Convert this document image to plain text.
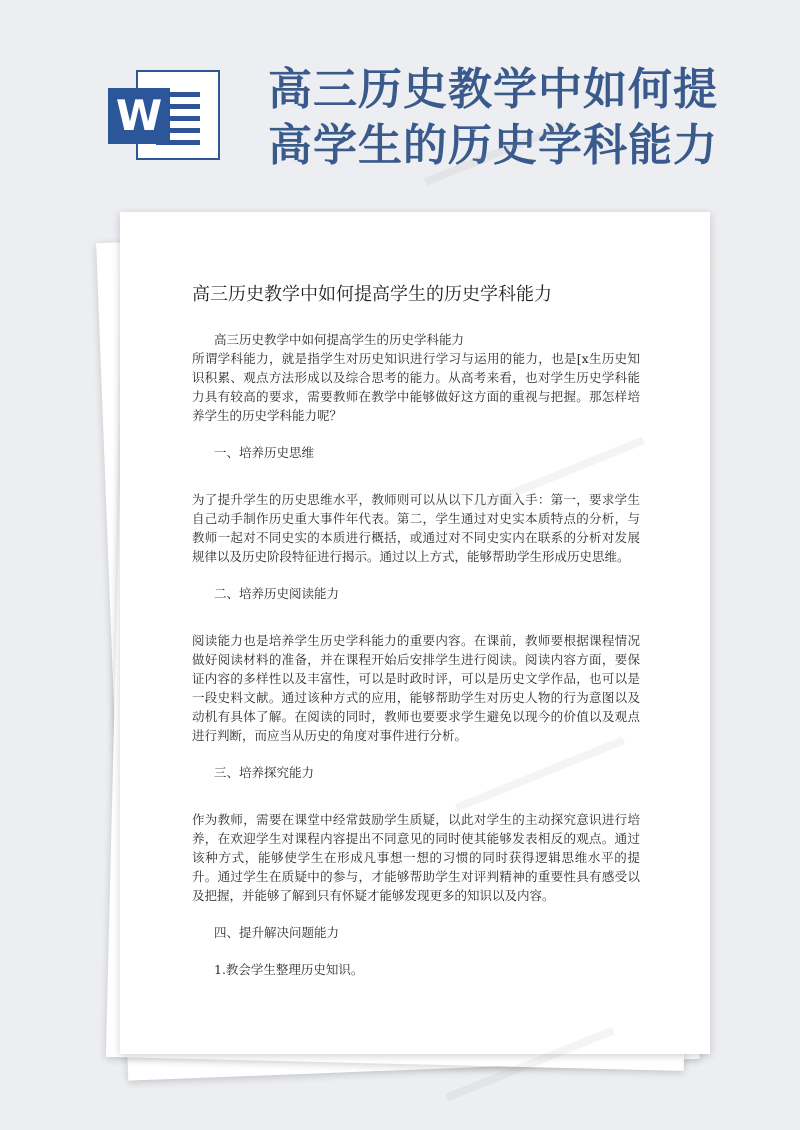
W
高三历史教学中如何提高学生的历史学科能力
高三历史教学中如何提高学生的历史学科能力

高三历史教学中如何提高学生的历史学科能力

所谓学科能力，就是指学生对历史知识进行学习与运用的能力，也是[x生历史知识积累、观点方法形成以及综合思考的能力。从高考来看，也对学生历史学科能力具有较高的要求，需要教师在教学中能够做好这方面的重视与把握。那怎样培养学生的历史学科能力呢？

一、培养历史思维

为了提升学生的历史思维水平，教师则可以从以下几方面入手：第一，要求学生自己动手制作历史重大事件年代表。第二，学生通过对史实本质特点的分析，与教师一起对不同史实的本质进行概括，或通过对不同史实内在联系的分析对发展规律以及历史阶段特征进行揭示。通过以上方式，能够帮助学生形成历史思维。

二、培养历史阅读能力

阅读能力也是培养学生历史学科能力的重要内容。在课前，教师要根据课程情况做好阅读材料的准备，并在课程开始后安排学生进行阅读。阅读内容方面，要保证内容的多样性以及丰富性，可以是时政时评，可以是历史文学作品，也可以是一段史料文献。通过该种方式的应用，能够帮助学生对历史人物的行为意图以及动机有具体了解。在阅读的同时，教师也要要求学生避免以现今的价值以及观点进行判断，而应当从历史的角度对事件进行分析。

三、培养探究能力

作为教师，需要在课堂中经常鼓励学生质疑，以此对学生的主动探究意识进行培养，在欢迎学生对课程内容提出不同意见的同时使其能够发表相反的观点。通过该种方式，能够使学生在形成凡事想一想的习惯的同时获得逻辑思维水平的提升。通过学生在质疑中的参与，才能够帮助学生对评判精神的重要性具有感受以及把握，并能够了解到只有怀疑才能够发现更多的知识以及内容。

四、提升解决问题能力

1.教会学生整理历史知识。
